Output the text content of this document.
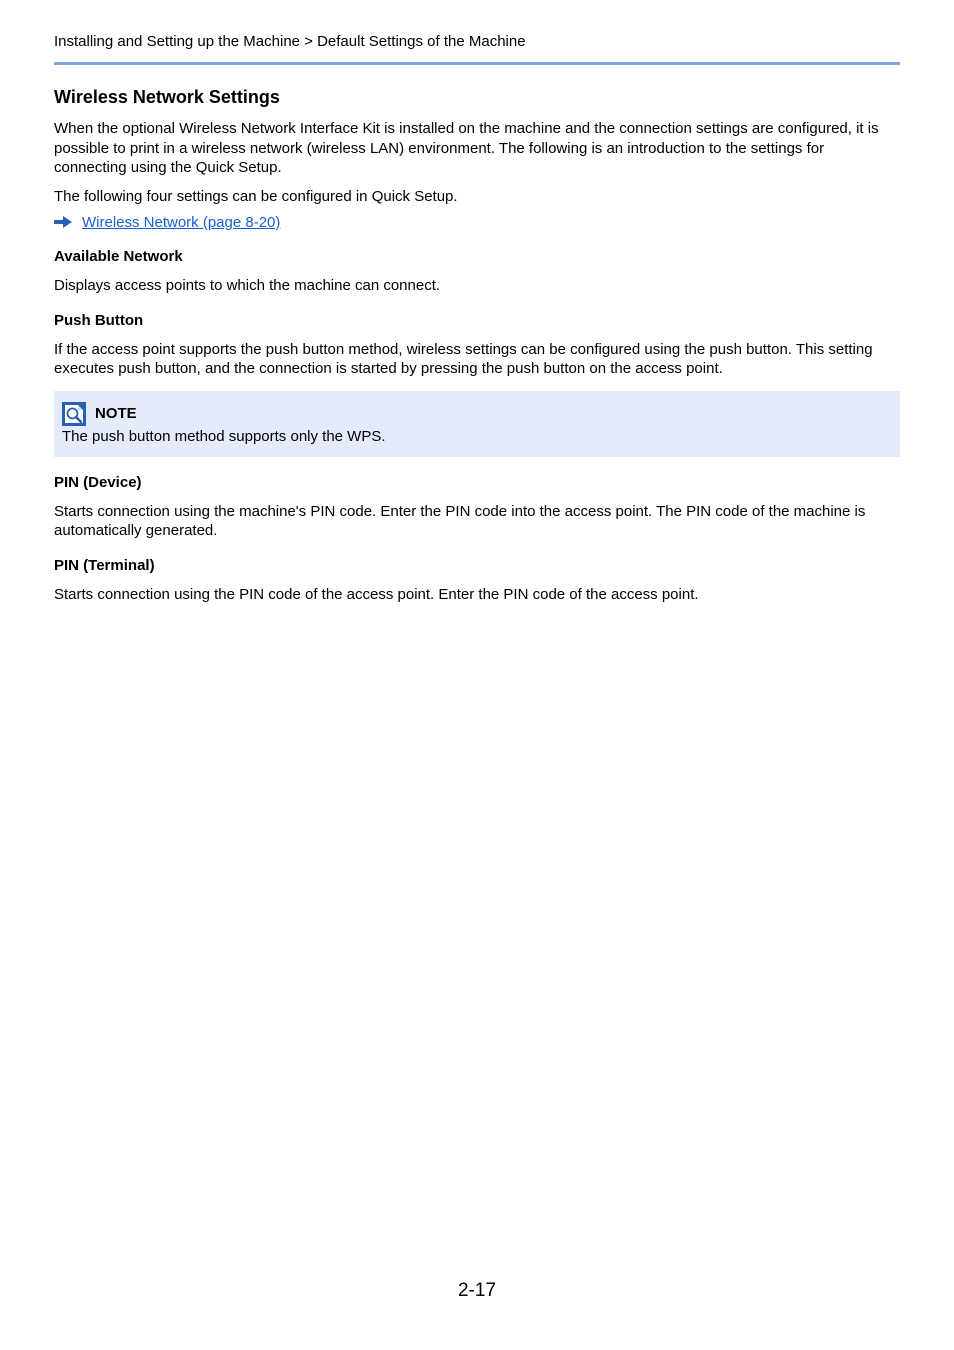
Installing and Setting up the Machine > Default Settings of the Machine
Wireless Network Settings

When the optional Wireless Network Interface Kit is installed on the machine and the connection settings are configured, it is possible to print in a wireless network (wireless LAN) environment. The following is an introduction to the settings for connecting using the Quick Setup.

The following four settings can be configured in Quick Setup.

Wireless Network (page 8-20)
Available Network

Displays access points to which the machine can connect.

Push Button

If the access point supports the push button method, wireless settings can be configured using the push button. This setting executes push button, and the connection is started by pressing the push button on the access point.

NOTE
The push button method supports only the WPS.
PIN (Device)

Starts connection using the machine's PIN code. Enter the PIN code into the access point. The PIN code of the machine is automatically generated.

PIN (Terminal)

Starts connection using the PIN code of the access point. Enter the PIN code of the access point.

2-17
